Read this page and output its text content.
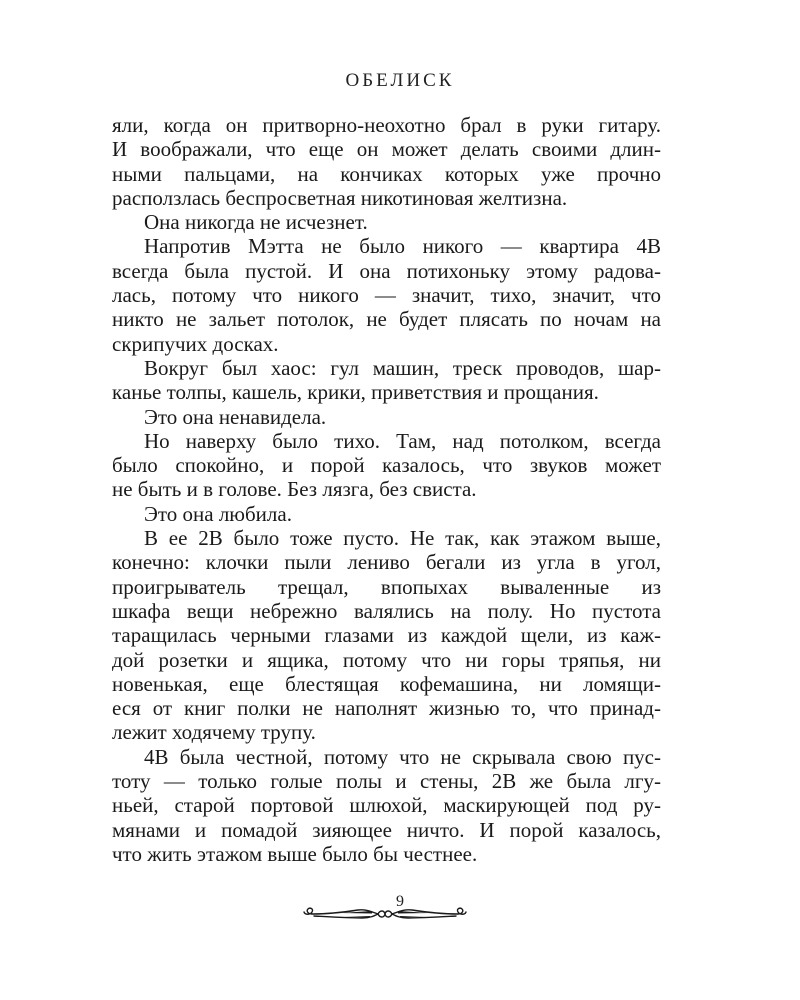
ОБЕЛИСК

яли, когда он притворно-неохотно брал в руки гитару.

И воображали, что еще он может делать своими длин-

ными пальцами, на кончиках которых уже прочно

расползлась беспросветная никотиновая желтизна.

Она никогда не исчезнет.

Напротив Мэтта не было никого — квартира 4В

всегда была пустой. И она потихоньку этому радова-

лась, потому что никого — значит, тихо, значит, что

никто не зальет потолок, не будет плясать по ночам на

скрипучих досках.

Вокруг был хаос: гул машин, треск проводов, шар-

канье толпы, кашель, крики, приветствия и прощания.

Это она ненавидела.

Но наверху было тихо. Там, над потолком, всегда

было спокойно, и порой казалось, что звуков может

не быть и в голове. Без лязга, без свиста.

Это она любила.

В ее 2В было тоже пусто. Не так, как этажом выше,

конечно: клочки пыли лениво бегали из угла в угол,

проигрыватель трещал, впопыхах вываленные из

шкафа вещи небрежно валялись на полу. Но пустота

таращилась черными глазами из каждой щели, из каж-

дой розетки и ящика, потому что ни горы тряпья, ни

новенькая, еще блестящая кофемашина, ни ломящи-

еся от книг полки не наполнят жизнью то, что принад-

лежит ходячему трупу.

4В была честной, потому что не скрывала свою пус-

тоту — только голые полы и стены, 2В же была лгу-

ньей, старой портовой шлюхой, маскирующей под ру-

мянами и помадой зияющее ничто. И порой казалось,

что жить этажом выше было бы честнее.

9
